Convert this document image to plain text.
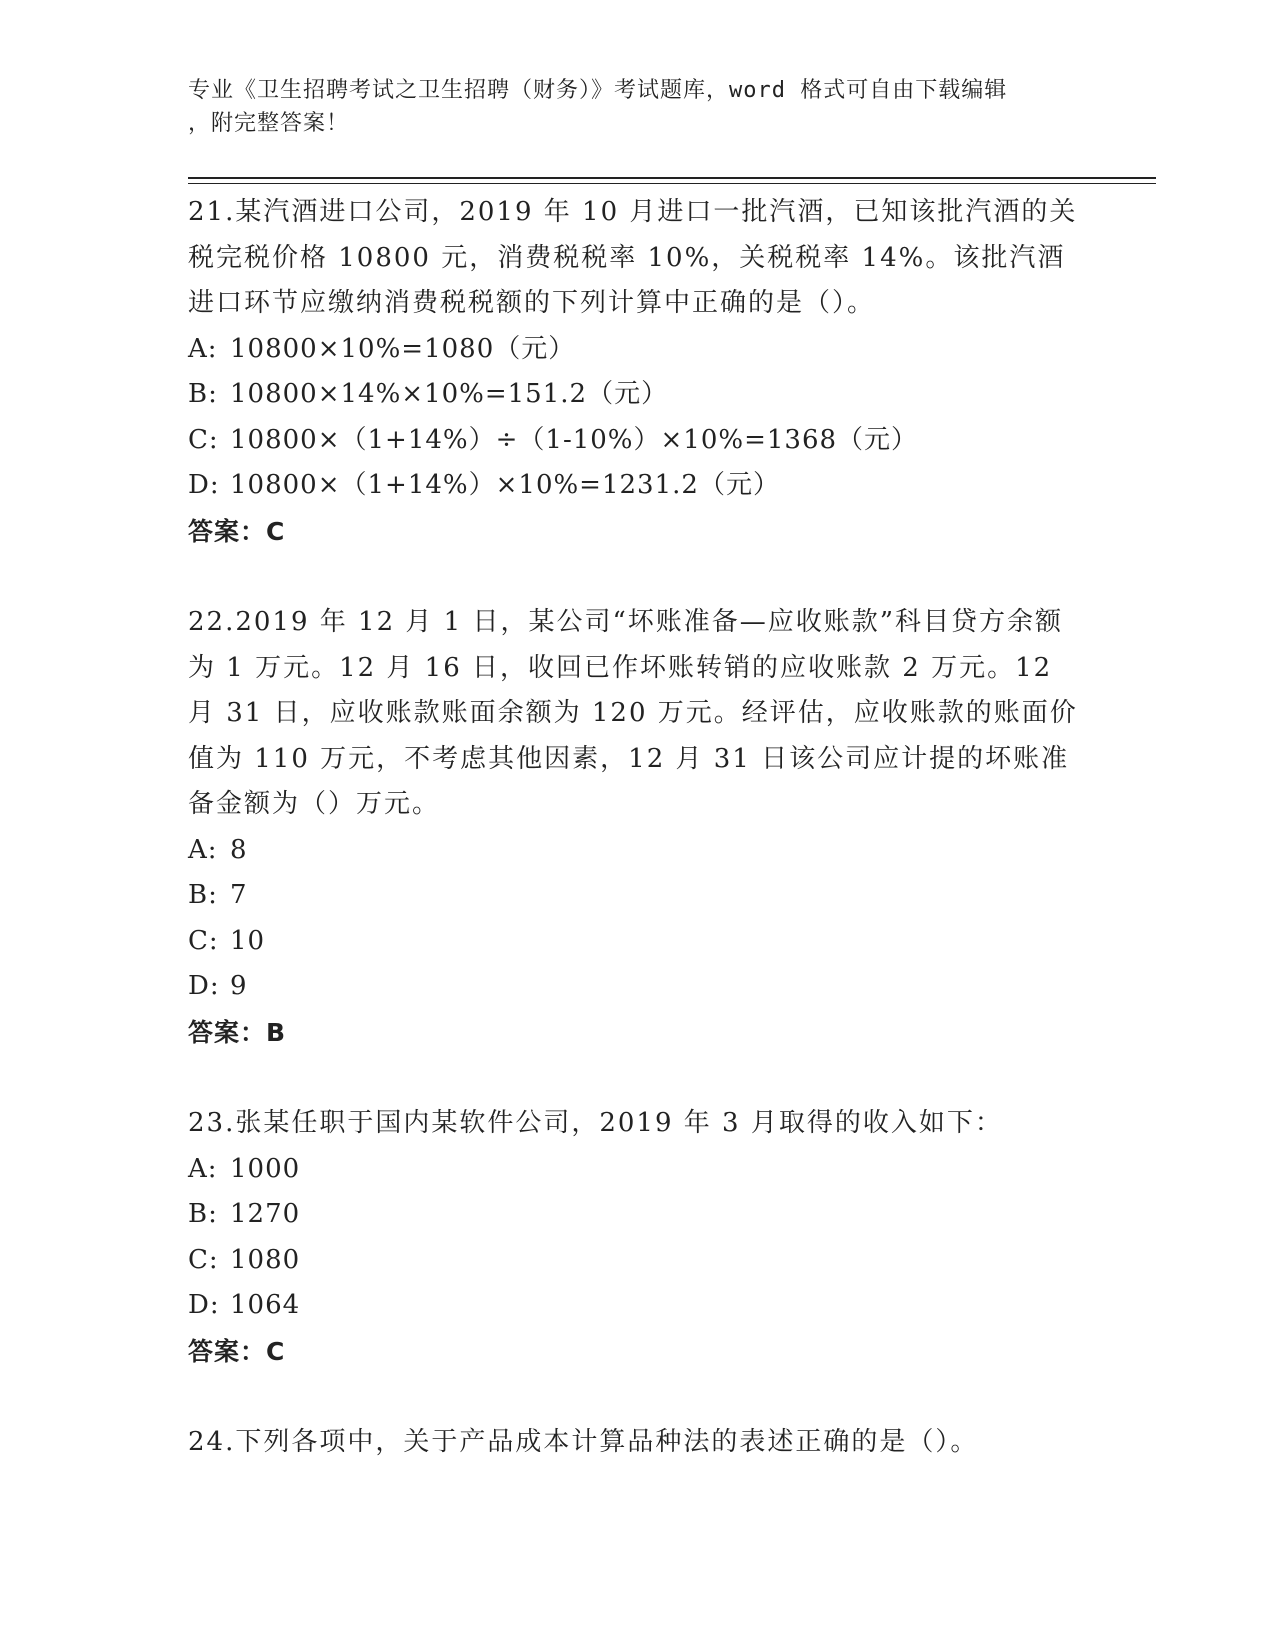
专业《卫生招聘考试之卫生招聘（财务）》考试题库，word 格式可自由下载编辑
，附完整答案！
21.某汽酒进口公司，2019 年 10 月进口一批汽酒，已知该批汽酒的关税完税价格 10800 元，消费税税率 10%，关税税率 14%。该批汽酒进口环节应缴纳消费税税额的下列计算中正确的是（）。
A: 10800×10%=1080（元）
B: 10800×14%×10%=151.2（元）
C: 10800×（1+14%）÷（1-10%）×10%=1368（元）
D: 10800×（1+14%）×10%=1231.2（元）
答案：C
22.2019 年 12 月 1 日，某公司“坏账准备—应收账款”科目贷方余额为 1 万元。12 月 16 日，收回已作坏账转销的应收账款 2 万元。12 月 31 日，应收账款账面余额为 120 万元。经评估，应收账款的账面价值为 110 万元，不考虑其他因素，12 月 31 日该公司应计提的坏账准备金额为（）万元。
A: 8
B: 7
C: 10
D: 9
答案：B
23.张某任职于国内某软件公司，2019 年 3 月取得的收入如下：
A: 1000
B: 1270
C: 1080
D: 1064
答案：C
24.下列各项中，关于产品成本计算品种法的表述正确的是（）。
